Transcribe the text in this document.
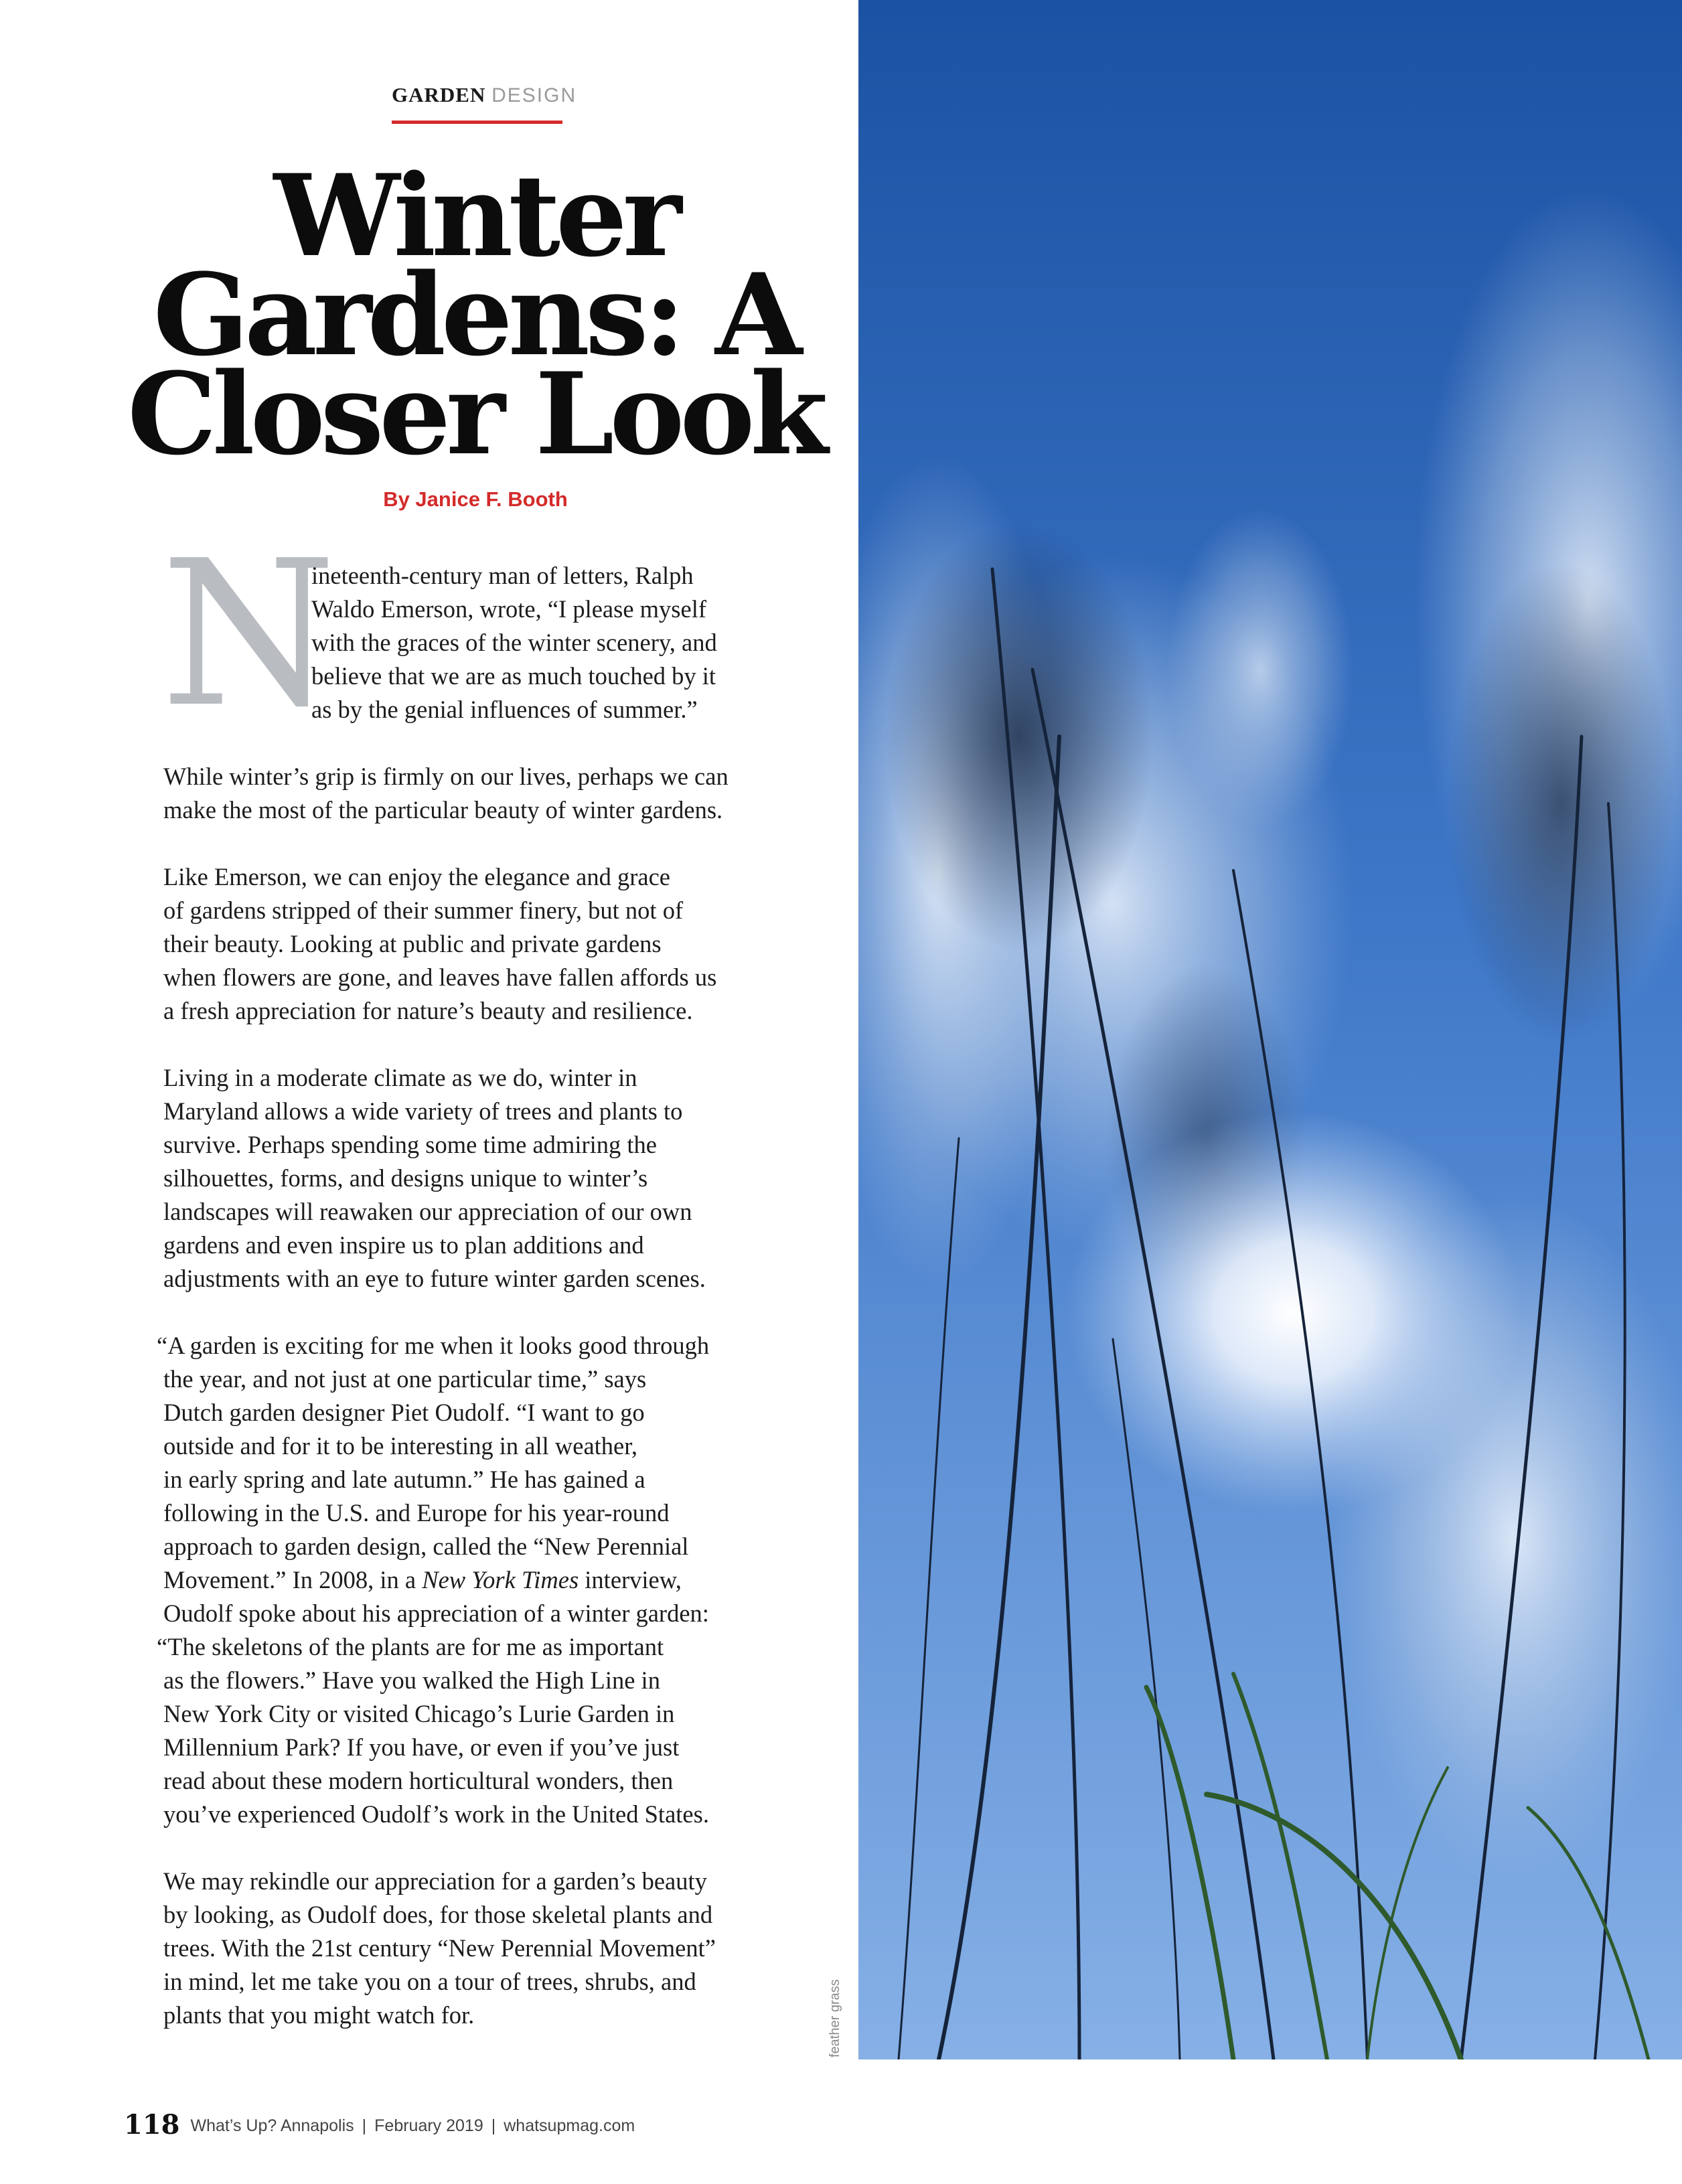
GARDEN DESIGN
Winter
Gardens: A
Closer Look
By Janice F. Booth
N
ineteenth-century man of letters, Ralph
Waldo Emerson, wrote, “I please myself
with the graces of the winter scenery, and
believe that we are as much touched by it
as by the genial influences of summer.”
While winter’s grip is firmly on our lives, perhaps we can
make the most of the particular beauty of winter gardens.
Like Emerson, we can enjoy the elegance and grace
of gardens stripped of their summer finery, but not of
their beauty. Looking at public and private gardens
when flowers are gone, and leaves have fallen affords us
a fresh appreciation for nature’s beauty and resilience.
Living in a moderate climate as we do, winter in
Maryland allows a wide variety of trees and plants to
survive. Perhaps spending some time admiring the
silhouettes, forms, and designs unique to winter’s
landscapes will reawaken our appreciation of our own
gardens and even inspire us to plan additions and
adjustments with an eye to future winter garden scenes.
“A garden is exciting for me when it looks good through
the year, and not just at one particular time,” says
Dutch garden designer Piet Oudolf. “I want to go
outside and for it to be interesting in all weather,
in early spring and late autumn.” He has gained a
following in the U.S. and Europe for his year-round
approach to garden design, called the “New Perennial
Movement.” In 2008, in a New York Times interview,
Oudolf spoke about his appreciation of a winter garden:
“The skeletons of the plants are for me as important
as the flowers.” Have you walked the High Line in
New York City or visited Chicago’s Lurie Garden in
Millennium Park? If you have, or even if you’ve just
read about these modern horticultural wonders, then
you’ve experienced Oudolf’s work in the United States.
We may rekindle our appreciation for a garden’s beauty
by looking, as Oudolf does, for those skeletal plants and
trees. With the 21st century “New Perennial Movement”
in mind, let me take you on a tour of trees, shrubs, and
plants that you might watch for.	feather grass
118 What’s Up? Annapolis | February 2019 | whatsupmag.com
